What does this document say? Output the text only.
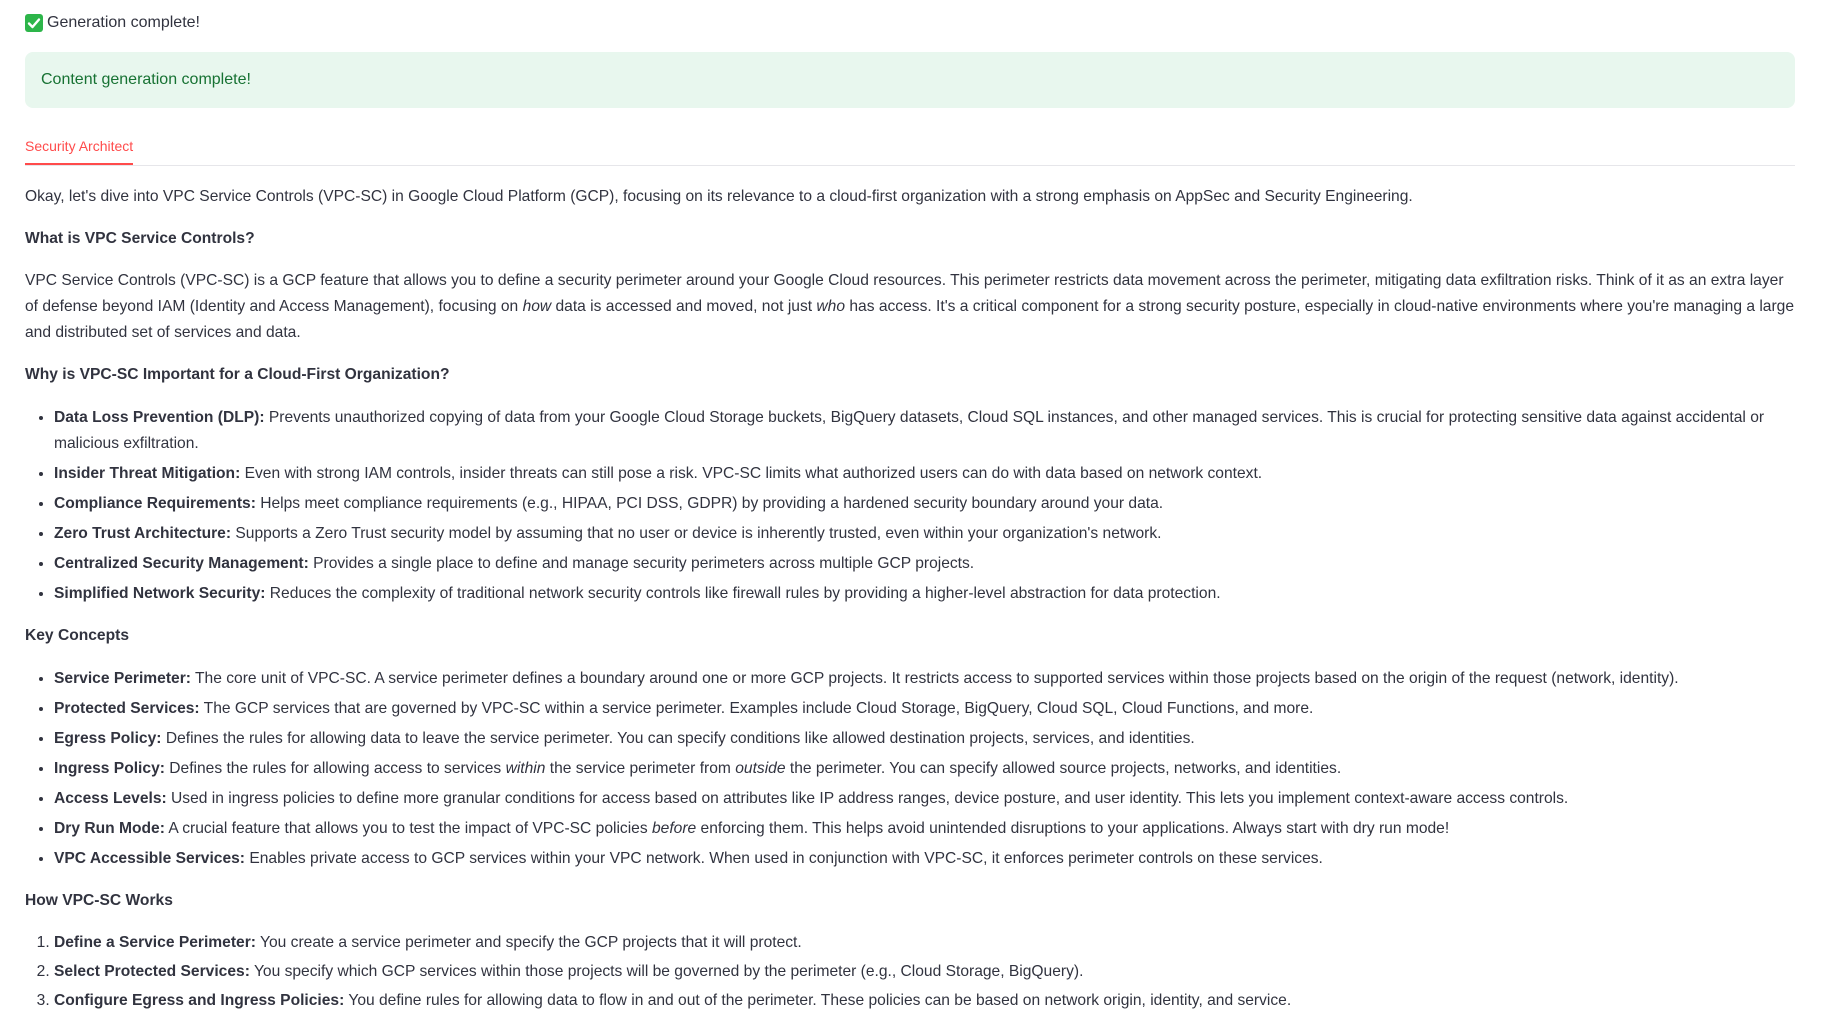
Generation complete!
Content generation complete!
Security Architect

Okay, let's dive into VPC Service Controls (VPC-SC) in Google Cloud Platform (GCP), focusing on its relevance to a cloud-first organization with a strong emphasis on AppSec and Security Engineering.

What is VPC Service Controls?

VPC Service Controls (VPC-SC) is a GCP feature that allows you to define a security perimeter around your Google Cloud resources. This perimeter restricts data movement across the perimeter, mitigating data exfiltration risks. Think of it as an extra layer of defense beyond IAM (Identity and Access Management), focusing on how data is accessed and moved, not just who has access. It's a critical component for a strong security posture, especially in cloud-native environments where you're managing a large and distributed set of services and data.

Why is VPC-SC Important for a Cloud-First Organization?

• Data Loss Prevention (DLP): Prevents unauthorized copying of data from your Google Cloud Storage buckets, BigQuery datasets, Cloud SQL instances, and other managed services. This is crucial for protecting sensitive data against accidental or malicious exfiltration.
• Insider Threat Mitigation: Even with strong IAM controls, insider threats can still pose a risk. VPC-SC limits what authorized users can do with data based on network context.
• Compliance Requirements: Helps meet compliance requirements (e.g., HIPAA, PCI DSS, GDPR) by providing a hardened security boundary around your data.
• Zero Trust Architecture: Supports a Zero Trust security model by assuming that no user or device is inherently trusted, even within your organization's network.
• Centralized Security Management: Provides a single place to define and manage security perimeters across multiple GCP projects.
• Simplified Network Security: Reduces the complexity of traditional network security controls like firewall rules by providing a higher-level abstraction for data protection.

Key Concepts

• Service Perimeter: The core unit of VPC-SC. A service perimeter defines a boundary around one or more GCP projects. It restricts access to supported services within those projects based on the origin of the request (network, identity).
• Protected Services: The GCP services that are governed by VPC-SC within a service perimeter. Examples include Cloud Storage, BigQuery, Cloud SQL, Cloud Functions, and more.
• Egress Policy: Defines the rules for allowing data to leave the service perimeter. You can specify conditions like allowed destination projects, services, and identities.
• Ingress Policy: Defines the rules for allowing access to services within the service perimeter from outside the perimeter. You can specify allowed source projects, networks, and identities.
• Access Levels: Used in ingress policies to define more granular conditions for access based on attributes like IP address ranges, device posture, and user identity. This lets you implement context-aware access controls.
• Dry Run Mode: A crucial feature that allows you to test the impact of VPC-SC policies before enforcing them. This helps avoid unintended disruptions to your applications. Always start with dry run mode!
• VPC Accessible Services: Enables private access to GCP services within your VPC network. When used in conjunction with VPC-SC, it enforces perimeter controls on these services.

How VPC-SC Works

1. Define a Service Perimeter: You create a service perimeter and specify the GCP projects that it will protect.
2. Select Protected Services: You specify which GCP services within those projects will be governed by the perimeter (e.g., Cloud Storage, BigQuery).
3. Configure Egress and Ingress Policies: You define rules for allowing data to flow in and out of the perimeter. These policies can be based on network origin, identity, and service.
